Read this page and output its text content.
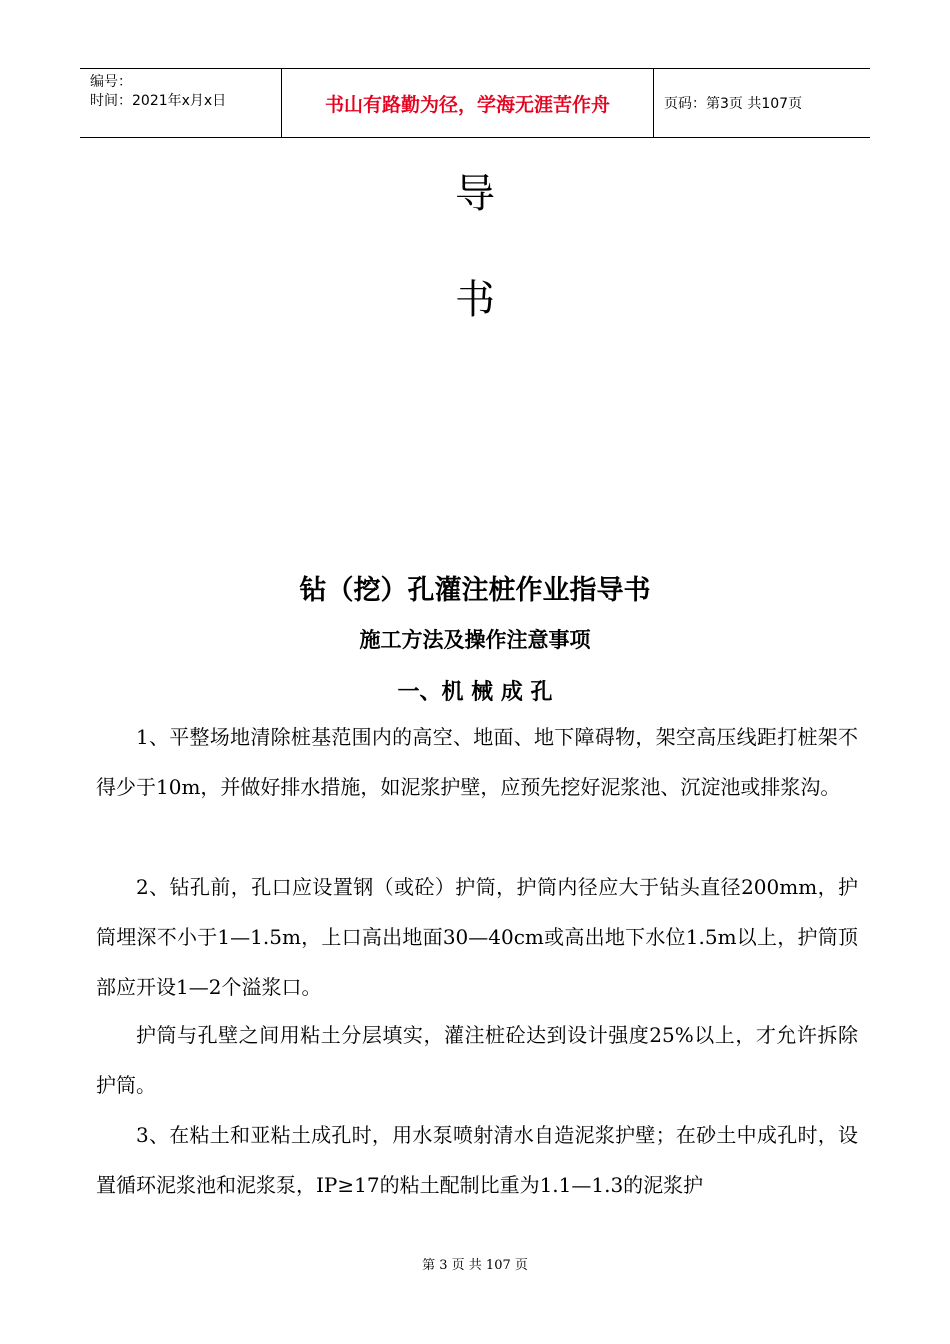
编号：
时间：2021年x月x日	书山有路勤为径，学海无涯苦作舟	页码：第3页 共107页
导
书
钻（挖）孔灌注桩作业指导书
施工方法及操作注意事项
一、机 械 成 孔
1、平整场地清除桩基范围内的高空、地面、地下障碍物，架空高压线距打桩架不得少于10m，并做好排水措施，如泥浆护壁，应预先挖好泥浆池、沉淀池或排浆沟。
2、钻孔前，孔口应设置钢（或砼）护筒，护筒内径应大于钻头直径200mm，护筒埋深不小于1—1.5m，上口高出地面30—40cm或高出地下水位1.5m以上，护筒顶部应开设1—2个溢浆口。
护筒与孔壁之间用粘土分层填实，灌注桩砼达到设计强度25%以上，才允许拆除护筒。
3、在粘土和亚粘土成孔时，用水泵喷射清水自造泥浆护壁；在砂土中成孔时，设置循环泥浆池和泥浆泵，IP≥17的粘土配制比重为1.1—1.3的泥浆护
第 3 页 共 107 页
